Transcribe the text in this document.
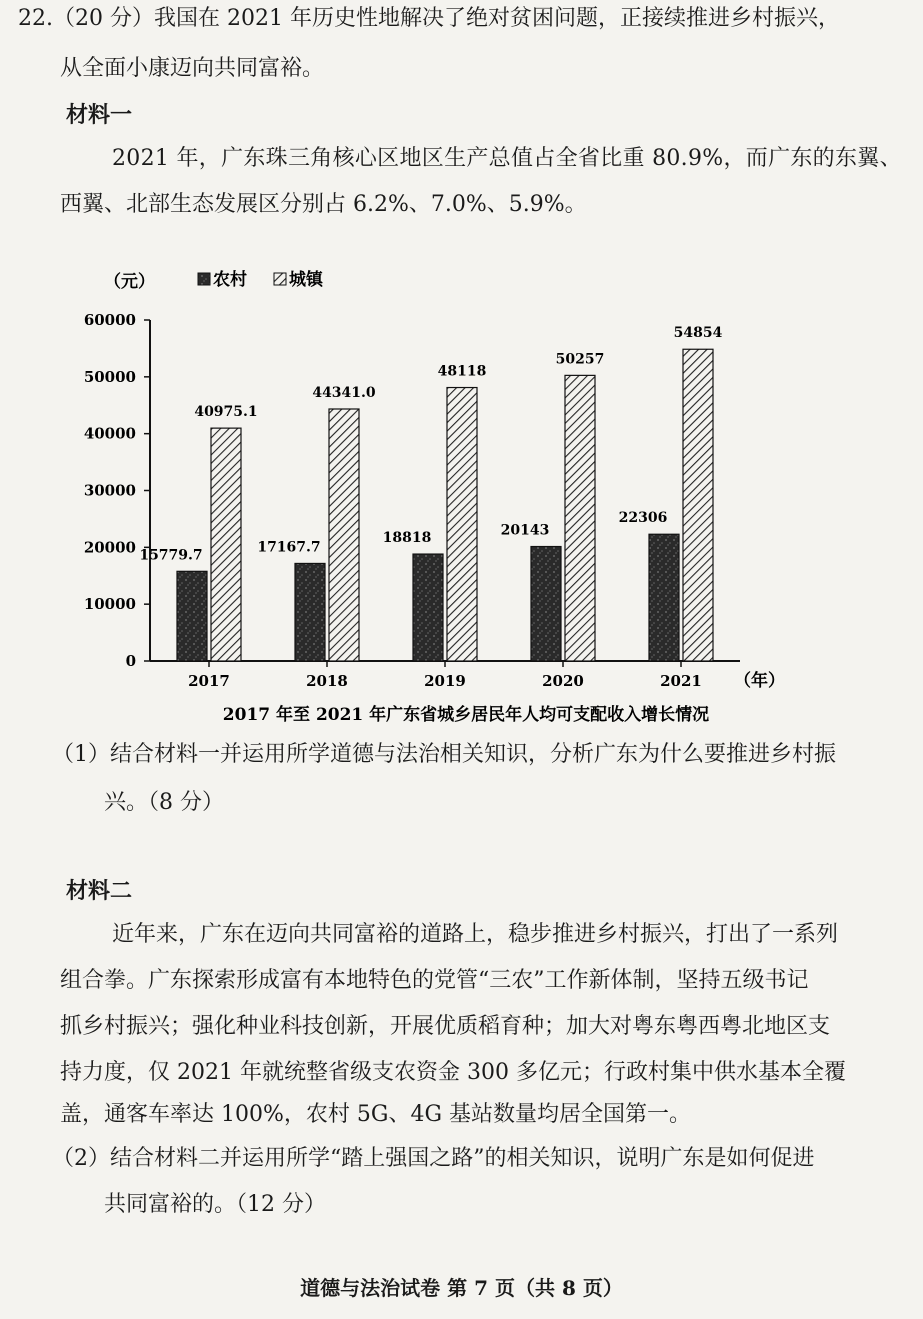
22.（20 分）我国在 2021 年历史性地解决了绝对贫困问题，正接续推进乡村振兴，
从全面小康迈向共同富裕。
材料一
2021 年，广东珠三角核心区地区生产总值占全省比重 80.9%，而广东的东翼、
西翼、北部生态发展区分别占 6.2%、7.0%、5.9%。
（元）	农村 城镇
0
10000
20000
30000
40000
50000
60000
2017
15779.7
40975.1
2018
17167.7
44341.0
2019
18818
48118
2020
20143
50257
2021
22306
54854
（年）
2017 年至 2021 年广东省城乡居民年人均可支配收入增长情况
（1）结合材料一并运用所学道德与法治相关知识，分析广东为什么要推进乡村振
兴。（8 分）
材料二
近年来，广东在迈向共同富裕的道路上，稳步推进乡村振兴，打出了一系列
组合拳。广东探索形成富有本地特色的党管“三农”工作新体制，坚持五级书记
抓乡村振兴；强化种业科技创新，开展优质稻育种；加大对粤东粤西粤北地区支
持力度，仅 2021 年就统整省级支农资金 300 多亿元；行政村集中供水基本全覆
盖，通客车率达 100%，农村 5G、4G 基站数量均居全国第一。
（2）结合材料二并运用所学“踏上强国之路”的相关知识，说明广东是如何促进
共同富裕的。（12 分）
道德与法治试卷 第 7 页（共 8 页）
